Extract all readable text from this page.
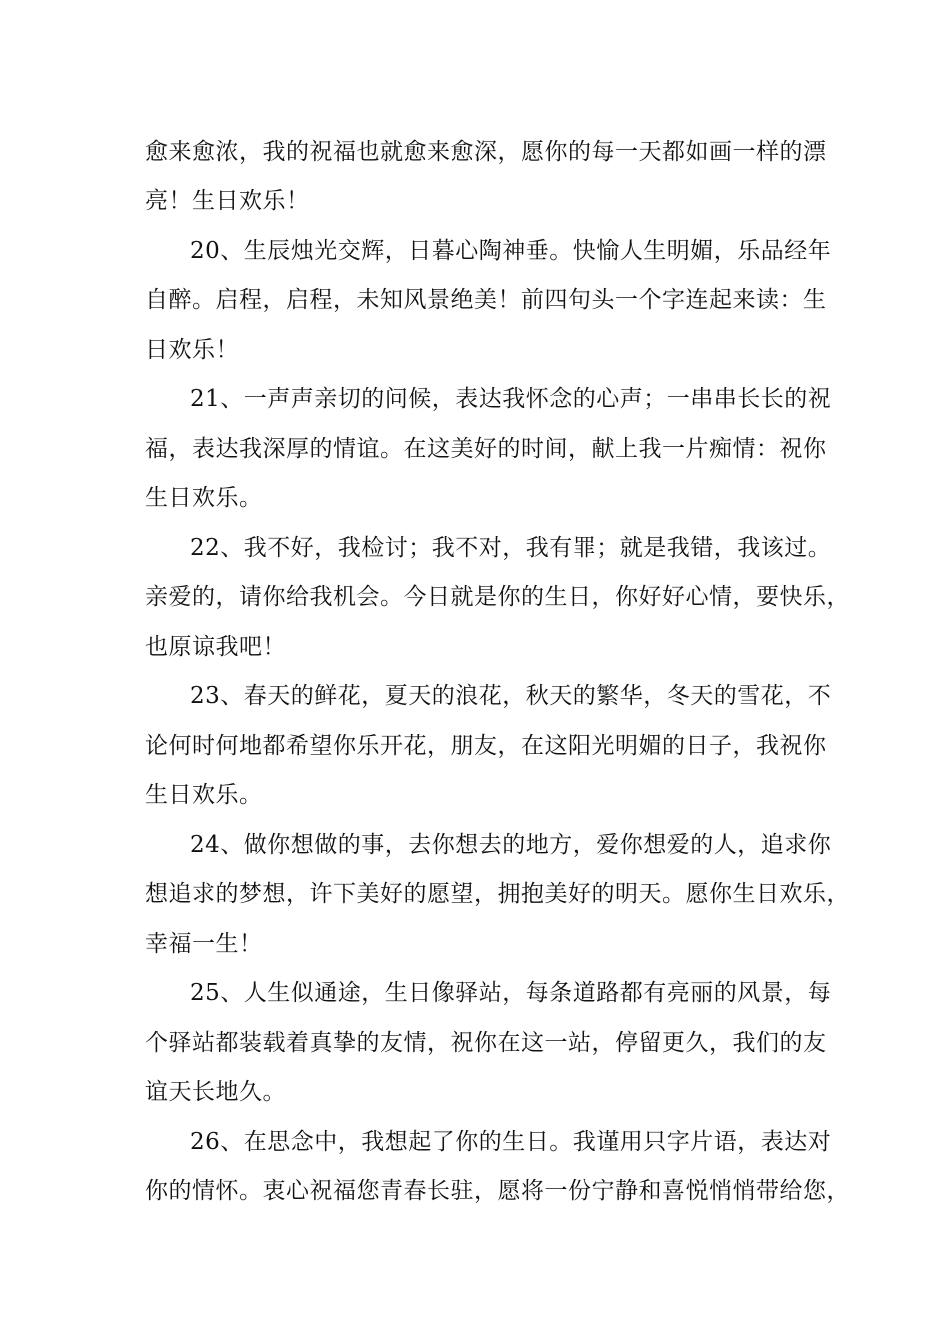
愈来愈浓，我的祝福也就愈来愈深，愿你的每一天都如画一样的漂
亮！生日欢乐！
20、生辰烛光交辉，日暮心陶神垂。快愉人生明媚，乐品经年
自醉。启程，启程，未知风景绝美！前四句头一个字连起来读：生
日欢乐！
21、一声声亲切的问候，表达我怀念的心声；一串串长长的祝
福，表达我深厚的情谊。在这美好的时间，献上我一片痴情：祝你
生日欢乐。
22、我不好，我检讨；我不对，我有罪；就是我错，我该过。
亲爱的，请你给我机会。今日就是你的生日，你好好心情，要快乐，
也原谅我吧！
23、春天的鲜花，夏天的浪花，秋天的繁华，冬天的雪花，不
论何时何地都希望你乐开花，朋友，在这阳光明媚的日子，我祝你
生日欢乐。
24、做你想做的事，去你想去的地方，爱你想爱的人，追求你
想追求的梦想，许下美好的愿望，拥抱美好的明天。愿你生日欢乐，
幸福一生！
25、人生似通途，生日像驿站，每条道路都有亮丽的风景，每
个驿站都装载着真挚的友情，祝你在这一站，停留更久，我们的友
谊天长地久。
26、在思念中，我想起了你的生日。我谨用只字片语，表达对
你的情怀。衷心祝福您青春长驻，愿将一份宁静和喜悦悄悄带给您，
